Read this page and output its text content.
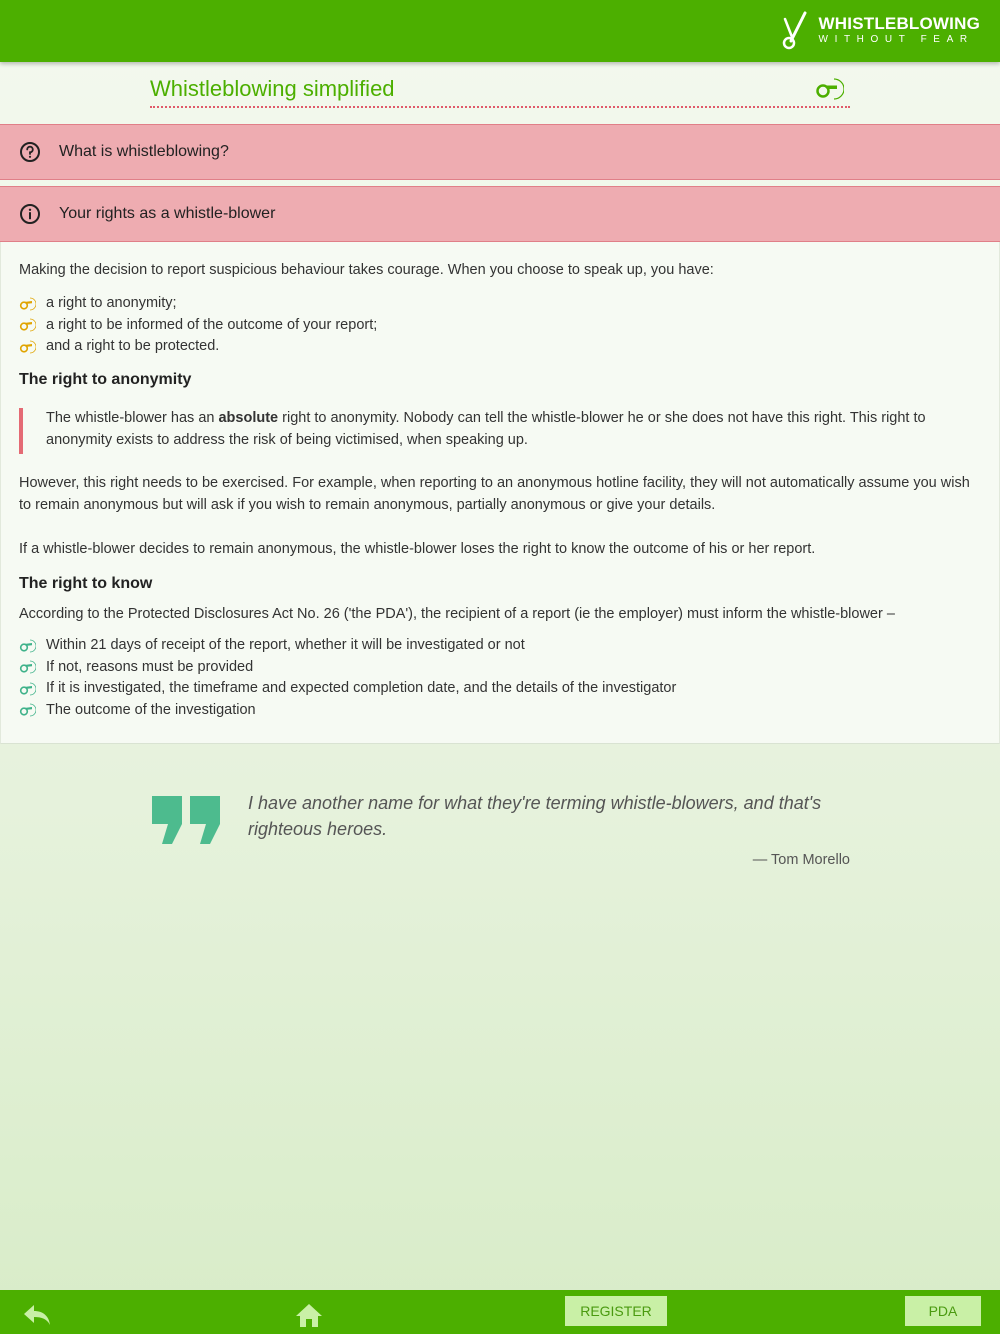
WHISTLEBLOWING
WITHOUT FEAR
Whistleblowing simplified
What is whistleblowing?
Your rights as a whistle-blower

Making the decision to report suspicious behaviour takes courage. When you choose to speak up, you have:

a right to anonymity;
a right to be informed of the outcome of your report;
and a right to be protected.
The right to anonymity

The whistle-blower has an absolute right to anonymity. Nobody can tell the whistle-blower he or she does not have this right. This right to anonymity exists to address the risk of being victimised, when speaking up.

However, this right needs to be exercised. For example, when reporting to an anonymous hotline facility, they will not automatically assume you wish to remain anonymous but will ask if you wish to remain anonymous, partially anonymous or give your details.

If a whistle-blower decides to remain anonymous, the whistle-blower loses the right to know the outcome of his or her report.

The right to know

According to the Protected Disclosures Act No. 26 ('the PDA'), the recipient of a report (ie the employer) must inform the whistle-blower –

Within 21 days of receipt of the report, whether it will be investigated or not
If not, reasons must be provided
If it is investigated, the timeframe and expected completion date, and the details of the investigator
The outcome of the investigation

I have another name for what they're terming whistle-blowers, and that's righteous heroes.

— Tom Morello
REGISTER	PDA
